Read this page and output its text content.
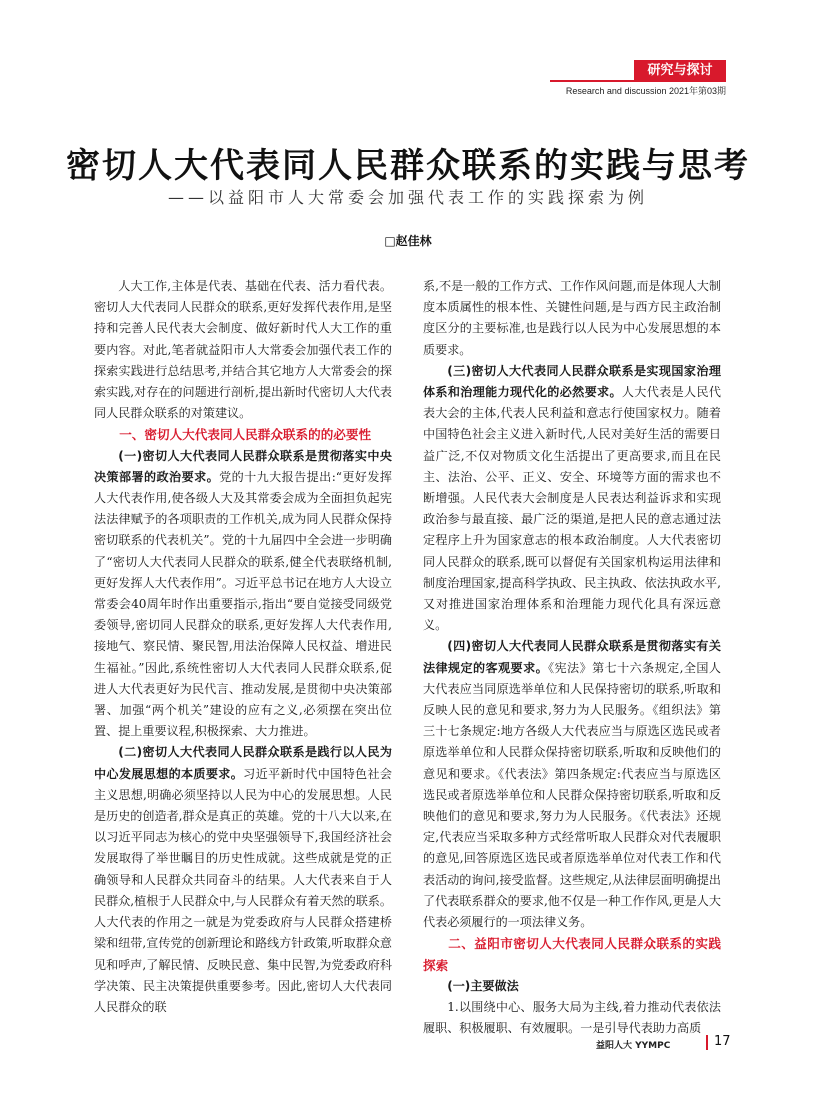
研究与探讨
Research and discussion 2021年第03期
密切人大代表同人民群众联系的实践与思考
——以益阳市人大常委会加强代表工作的实践探索为例
□赵佳林

人大工作,主体是代表、基础在代表、活力看代表。密切人大代表同人民群众的联系,更好发挥代表作用,是坚持和完善人民代表大会制度、做好新时代人大工作的重要内容。对此,笔者就益阳市人大常委会加强代表工作的探索实践进行总结思考,并结合其它地方人大常委会的探索实践,对存在的问题进行剖析,提出新时代密切人大代表同人民群众联系的对策建议。

一、密切人大代表同人民群众联系的的必要性

(一)密切人大代表同人民群众联系是贯彻落实中央决策部署的政治要求。党的十九大报告提出:“更好发挥人大代表作用,使各级人大及其常委会成为全面担负起宪法法律赋予的各项职责的工作机关,成为同人民群众保持密切联系的代表机关”。党的十九届四中全会进一步明确了“密切人大代表同人民群众的联系,健全代表联络机制,更好发挥人大代表作用”。习近平总书记在地方人大设立常委会40周年时作出重要指示,指出“要自觉接受同级党委领导,密切同人民群众的联系,更好发挥人大代表作用,接地气、察民情、聚民智,用法治保障人民权益、增进民生福祉。”因此,系统性密切人大代表同人民群众联系,促进人大代表更好为民代言、推动发展,是贯彻中央决策部署、加强“两个机关”建设的应有之义,必须摆在突出位置、提上重要议程,积极探索、大力推进。

(二)密切人大代表同人民群众联系是践行以人民为中心发展思想的本质要求。习近平新时代中国特色社会主义思想,明确必须坚持以人民为中心的发展思想。人民是历史的创造者,群众是真正的英雄。党的十八大以来,在以习近平同志为核心的党中央坚强领导下,我国经济社会发展取得了举世瞩目的历史性成就。这些成就是党的正确领导和人民群众共同奋斗的结果。人大代表来自于人民群众,植根于人民群众中,与人民群众有着天然的联系。人大代表的作用之一就是为党委政府与人民群众搭建桥梁和纽带,宣传党的创新理论和路线方针政策,听取群众意见和呼声,了解民情、反映民意、集中民智,为党委政府科学决策、民主决策提供重要参考。因此,密切人大代表同人民群众的联

系,不是一般的工作方式、工作作风问题,而是体现人大制度本质属性的根本性、关键性问题,是与西方民主政治制度区分的主要标准,也是践行以人民为中心发展思想的本质要求。

(三)密切人大代表同人民群众联系是实现国家治理体系和治理能力现代化的必然要求。人大代表是人民代表大会的主体,代表人民利益和意志行使国家权力。随着中国特色社会主义进入新时代,人民对美好生活的需要日益广泛,不仅对物质文化生活提出了更高要求,而且在民主、法治、公平、正义、安全、环境等方面的需求也不断增强。人民代表大会制度是人民表达利益诉求和实现政治参与最直接、最广泛的渠道,是把人民的意志通过法定程序上升为国家意志的根本政治制度。人大代表密切同人民群众的联系,既可以督促有关国家机构运用法律和制度治理国家,提高科学执政、民主执政、依法执政水平,又对推进国家治理体系和治理能力现代化具有深远意义。

(四)密切人大代表同人民群众联系是贯彻落实有关法律规定的客观要求。《宪法》第七十六条规定,全国人大代表应当同原选举单位和人民保持密切的联系,听取和反映人民的意见和要求,努力为人民服务。《组织法》第三十七条规定:地方各级人大代表应当与原选区选民或者原选举单位和人民群众保持密切联系,听取和反映他们的意见和要求。《代表法》第四条规定:代表应当与原选区选民或者原选举单位和人民群众保持密切联系,听取和反映他们的意见和要求,努力为人民服务。《代表法》还规定,代表应当采取多种方式经常听取人民群众对代表履职的意见,回答原选区选民或者原选举单位对代表工作和代表活动的询问,接受监督。这些规定,从法律层面明确提出了代表联系群众的要求,他不仅是一种工作作风,更是人大代表必须履行的一项法律义务。

二、益阳市密切人大代表同人民群众联系的实践探索

(一)主要做法

1.以围绕中心、服务大局为主线,着力推动代表依法履职、积极履职、有效履职。一是引导代表助力高质

益阳人大 YYMPC	17
